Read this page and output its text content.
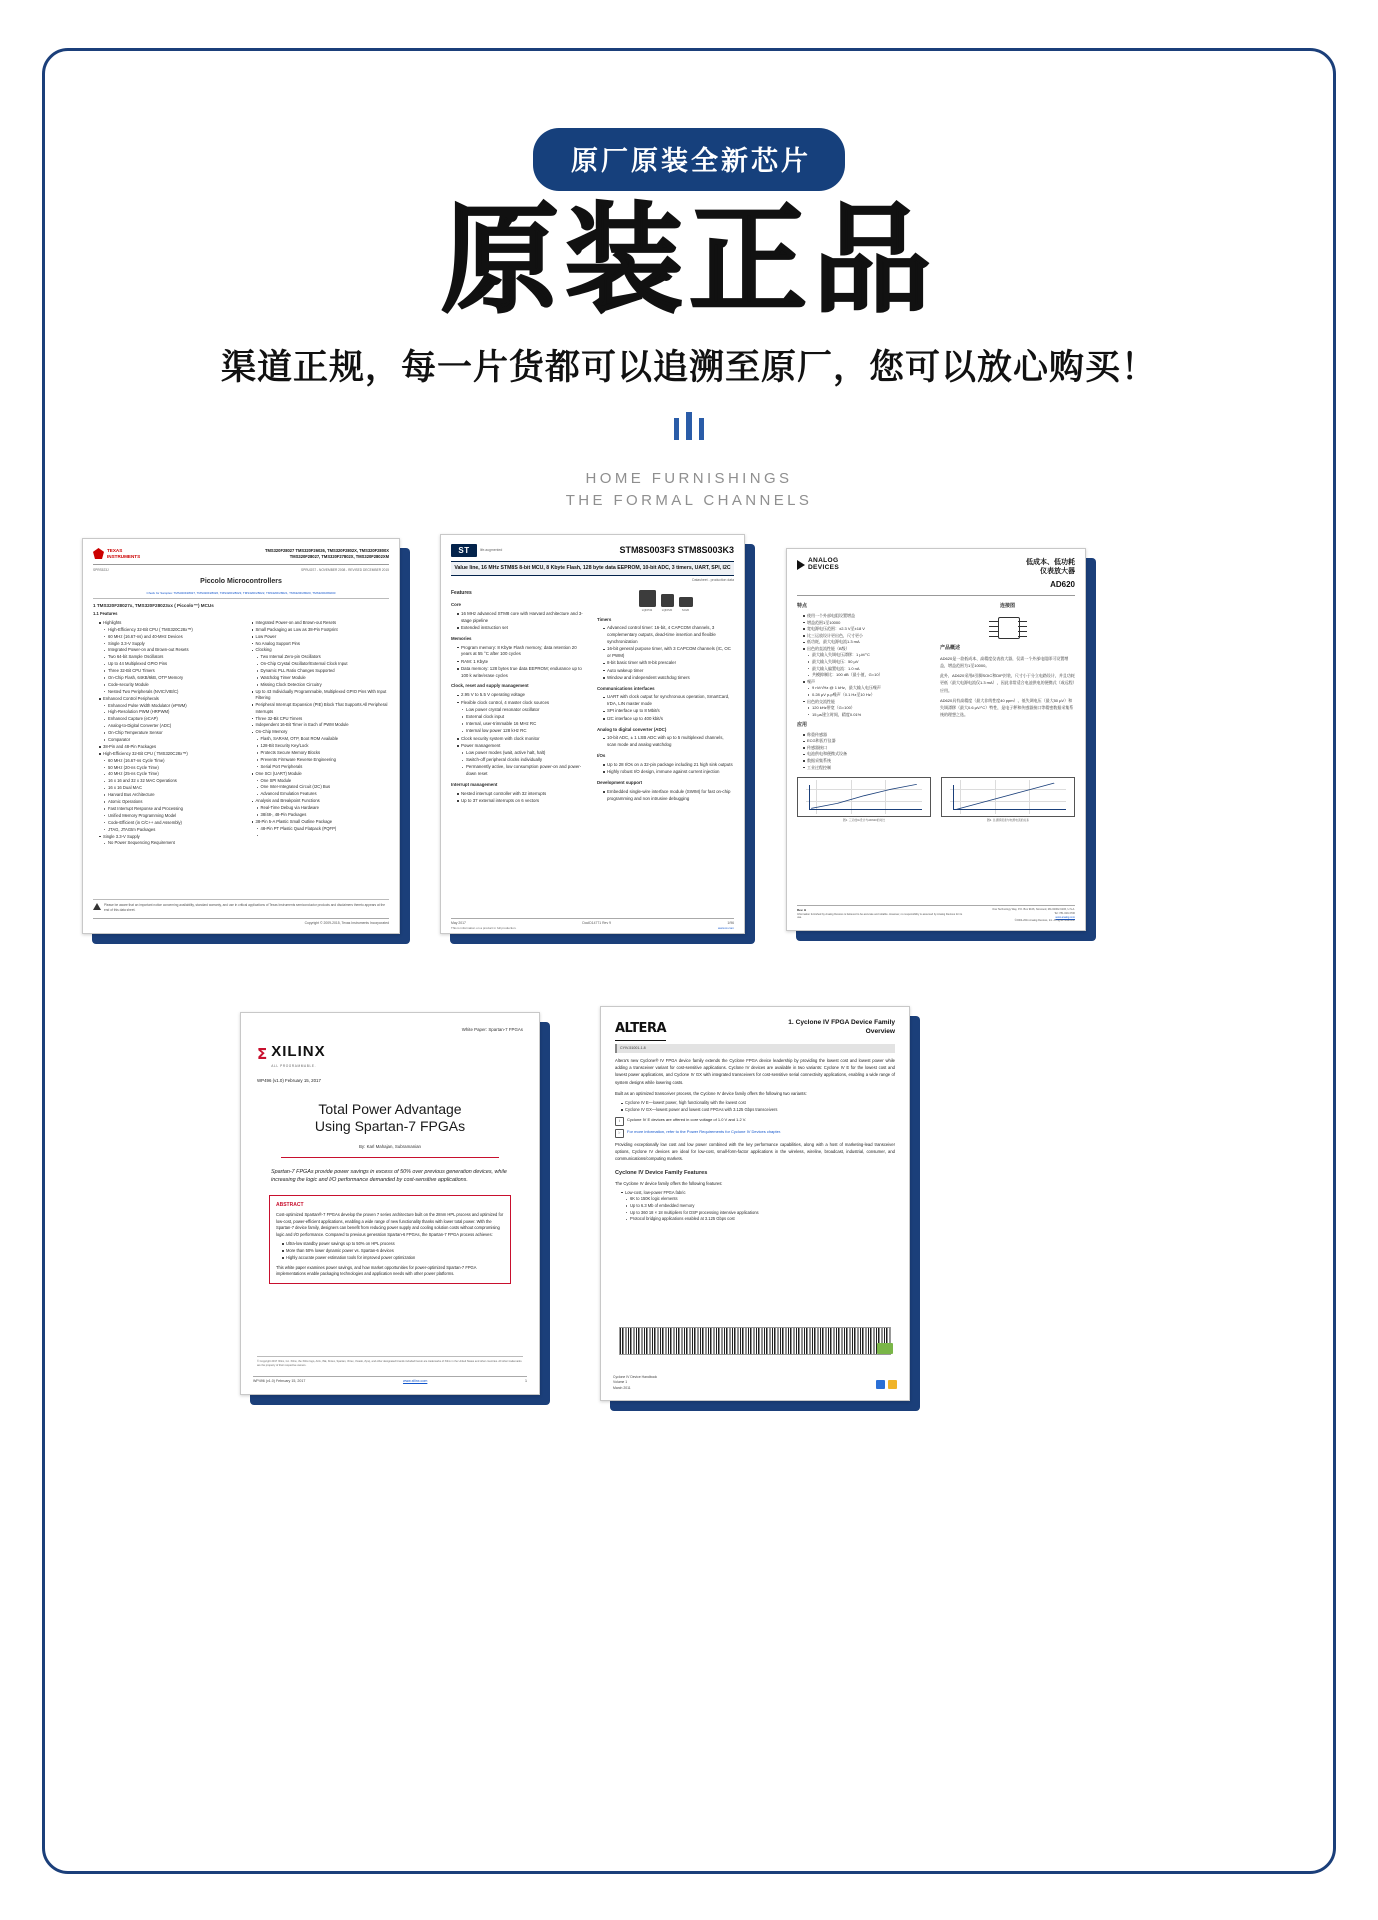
原厂原装全新芯片
原装正品
渠道正规，每一片货都可以追溯至原厂，您可以放心购买！
HOME FURNISHINGS
THE FORMAL CHANNELS
TEXAS
INSTRUMENTS
TMS320F28027 TMS320F26026, TMS320F2802X, TMS320F2800X
TMS320F28027, TMS320F27802X, TMS320F2802XM
SPRS523J	SPRUGS7 - NOVEMBER 2008 - REVISED DECEMBER 2015
Piccolo Microcontrollers
Check for Samples: TMS320F28027, TMS320F28026, TMS320F28023, TMS320F28022, TMS320F28021, TMS320F28020, TMS320F280200
1 TMS320F28027x, TMS320F28023xx ( Piccolo™) MCUs
1.1 Features
Highlights
High-Efficiency 32-Bit CPU ( TMS320C28x™)
60 MHz (16.67-ns) and 40-MHz Devices
Single 3.3-V Supply
Integrated Power-on and Brown-out Resets
Two 64-bit Sample Oscillators
Up to 44 Multiplexed GPIO Pins
Three 32-Bit CPU Timers
On-Chip Flash, 64KB/6kB, OTP Memory
Code-security Module
Nested Two Peripherals (NVIC/VIB/C)
Enhanced Control Peripherals
Enhanced Pulse Width Modulator (ePWM)
High-Resolution PWM (HRPWM)
Enhanced Capture (eCAP)
Analog-to-Digital Converter (ADC)
On-Chip Temperature Sensor
Comparator
38-Pin and 48-Pin Packages
High-Efficiency 32-Bit CPU ( TMS320C28x™)
60 MHz (16.67-ns Cycle Time)
50 MHz (20-ns Cycle Time)
40 MHz (25-ns Cycle Time)
16 x 16 and 32 x 32 MAC Operations
16 x 16 Dual MAC
Harvard Bus Architecture
Atomic Operations
Fast Interrupt Response and Processing
Unified Memory Programming Model
Code-Efficient (in C/C++ and Assembly)
JTAG, JTAGtm Packages
Single 3.3-V Supply
No Power Sequencing Requirement
Integrated Power-on and Brown-out Resets
Small Packaging as Low as 38-Pin Footprint
Low Power
No Analog Support Pins
Clocking
Two Internal Zero-pin Oscillators
On-Chip Crystal Oscillator/External Clock Input
Dynamic PLL Ratio Changes Supported
Watchdog Timer Module
Missing Clock Detection Circuitry
Up to 43 Individually Programmable, Multiplexed GPIO Pins With Input Filtering
Peripheral Interrupt Expansion (PIE) Block That Supports All Peripheral Interrupts
Three 32-Bit CPU Timers
Independent 16-Bit Timer in Each of PWM Module
On-Chip Memory
Flash, SARAM, OTP, Boot ROM Available
128-Bit Security Key/Lock
Protects Secure Memory Blocks
Prevents Firmware Reverse Engineering
Serial Port Peripherals
One SCI (UART) Module
One SPI Module
One Inter-Integrated Circuit (I2C) Bus
Advanced Emulation Features
Analysis and Breakpoint Functions
Real-Time Debug via Hardware
38/48-, 48-Pin Packages
38-Pin 5-A Plastic Small Outline Package
48-Pin PT Plastic Quad Flatpack (PQFP)
Please be aware that an important notice concerning availability, standard warranty, and use in critical applications of Texas Instruments semiconductor products and disclaimers thereto appears at the end of this data sheet.
Copyright © 2009-2015, Texas Instruments Incorporated
ST	life.augmented	STM8S003F3 STM8S003K3
Value line, 16 MHz STM8S 8-bit MCU, 8 Kbyte Flash, 128 byte data EEPROM, 10-bit ADC, 3 timers, UART, SPI, I2C
Datasheet - production data
Features
Core
16 MHz advanced STM8 core with Harvard architecture and 3-stage pipeline
Extended instruction set
Memories
Program memory: 8 Kbyte Flash memory; data retention 20 years at 55 °C after 100 cycles
RAM: 1 Kbyte
Data memory: 128 bytes true data EEPROM; endurance up to 100 k write/erase cycles
Clock, reset and supply management
2.95 V to 5.5 V operating voltage
Flexible clock control, 4 master clock sources
Low power crystal resonator oscillator
External clock input
Internal, user-trimmable 16 MHz RC
Internal low power 128 kHz RC
Clock security system with clock monitor
Power management
Low power modes (wait, active halt, halt)
Switch-off peripheral clocks individually
Permanently active, low consumption power-on and power-down reset
Interrupt management
Nested interrupt controller with 32 interrupts
Up to 37 external interrupts on 6 vectors
LQFP32	LQFP20	SO20
Timers
Advanced control timer: 16-bit, 4 CAPCOM channels, 3 complementary outputs, dead-time insertion and flexible synchronization
16-bit general purpose timer, with 3 CAPCOM channels (IC, OC or PWM)
8-bit basic timer with 8-bit prescaler
Auto wakeup timer
Window and independent watchdog timers
Communications interfaces
UART with clock output for synchronous operation, SmartCard, IrDA, LIN master mode
SPI interface up to 8 Mbit/s
I2C interface up to 400 kbit/s
Analog to digital converter (ADC)
10-bit ADC, ± 1 LSB ADC with up to 5 multiplexed channels, scan mode and analog watchdog
I/Os
Up to 28 I/Os on a 32-pin package including 21 high sink outputs
Highly robust I/O design, immune against current injection
Development support
Embedded single-wire interface module (SWIM) for fast on-chip programming and non intrusive debugging
May 2017	DocID14771 Rev 9	1/96
This is information on a product in full production.	www.st.com
ANALOG
DEVICES
低成本、低功耗
仪表放大器
AD620
特点
使用一个外部电阻设置增益
增益范围1至10000
宽电源电压范围：±2.3 V至±18 V
比三运放设计更出色，尺寸更小
低功耗，最大电源电流1.3 mA
出色的直流性能（B级）
最大输入失调电压漂移：1 µV/°C
最大输入失调电压：50 µV
最大输入偏置电流：1.0 nA
共模抑制比：100 dB（最小值，G=10）
噪声
9 nV/√Hz @ 1 kHz，最大输入电压噪声
0.28 µV p-p噪声（0.1 Hz至10 Hz）
出色的交流性能
120 kHz带宽（G=100）
15 µs建立时间，精度0.01%
应用
称重传感器
ECG和医疗仪器
传感器接口
电池供电和便携式设备
数据采集系统
工业过程控制
连接图
产品概述

AD620是一款低成本、高精度仪表放大器，仅需一个外部电阻即可设置增益，增益范围为1至10000。

此外，AD620采用8引脚SOIC和DIP封装，尺寸小于分立电路设计，并且功耗更低（最大电源电流仅1.3 mA），因此非常适合电池供电的便携式（或远程）应用。

AD620具有高精度（最大非线性度40 ppm）、低失调电压（最大50 µV）和失调漂移（最大0.6 µV/°C）特性，是电子秤和传感器接口等精密数据采集系统的理想之选。

图1. 三运放IA设计与AD620的对比	图2. 总漂移误差与电源电流的关系
Rev. H
Information furnished by Analog Devices is believed to be accurate and reliable. However, no responsibility is assumed by Analog Devices for its use.
One Technology Way, P.O. Box 9106, Norwood, MA 02062-9106, U.S.A.
Tel: 781.329.4700
www.analog.com
©2004-2011 Analog Devices, Inc. All rights reserved.
White Paper: Spartan-7 FPGAs
Σ XILINX
ALL PROGRAMMABLE.
WP496 (v1.0) February 15, 2017
Total Power Advantage
Using Spartan-7 FPGAs
By: Karl Mahajan, Subramanian
Spartan-7 FPGAs provide power savings in excess of 50% over previous generation devices, while increasing the logic and I/O performance demanded by cost-sensitive applications.
ABSTRACT

Cost-optimized Spartan®-7 FPGAs develop the proven 7 series architecture built on the 28nm HPL process and optimized for low-cost, power-efficient applications, enabling a wide range of new functionality thanks with lower total power. With the Spartan-7 device family, designers can benefit from reducing power supply and cooling solution costs without compromising logic and I/O performance. Compared to previous generation Spartan-6 FPGAs, the Spartan-7 FPGA process achieves:

Ultra-low standby power savings up to 50% on HPL process
More than 50% lower dynamic power vs. Spartan-6 devices
Highly accurate power estimation tools for improved power optimization

This white paper examines power savings, and how market opportunities for power-optimized Spartan-7 FPGA implementations enable packaging technologies and application needs with other power platforms.

© Copyright 2017 Xilinx, Inc. Xilinx, the Xilinx logo, Artix, ISE, Kintex, Spartan, Virtex, Vivado, Zynq, and other designated brands included herein are trademarks of Xilinx in the United States and other countries. All other trademarks are the property of their respective owners.
WP496 (v1.0) February 15, 2017	www.xilinx.com	1
ALTERA	1. Cyclone IV FPGA Device Family
Overview
CYIV-51001-1.8

Altera's new Cyclone® IV FPGA device family extends the Cyclone FPGA device leadership by providing the lowest cost and lowest power while adding a transceiver variant for cost-sensitive applications. Cyclone IV devices are available in two variants: Cyclone IV E for the lowest cost and lowest power applications, and Cyclone IV GX with integrated transceivers for cost-sensitive serial connectivity applications, enabling a wide range of system designs while lowering costs.

Built as an optimized transceiver process, the Cyclone IV device family offers the following two variants:

Cyclone IV E—lowest power, high functionality with the lowest cost
Cyclone IV GX—lowest power and lowest cost FPGAs with 3.125 Gbps transceivers
i	Cyclone IV E devices are offered in core voltage of 1.0 V and 1.2 V.
☞	For more information, refer to the Power Requirements for Cyclone IV Devices chapter.

Providing exceptionally low cost and low power combined with the key performance capabilities, along with a host of marketing-lead transceiver options, Cyclone IV devices are ideal for low-cost, small-form-factor applications in the wireless, wireline, broadcast, industrial, consumer, and communications/computing markets.

Cyclone IV Device Family Features

The Cyclone IV device family offers the following features:

Low-cost, low-power FPGA fabric
6K to 150K logic elements
Up to 6.3 Mb of embedded memory
Up to 360 18 × 18 multipliers for DSP processing intensive applications
Protocol bridging applications enabled at 3.125 Gbps cost
Cyclone IV Device Handbook
Volume 1
March 2011
